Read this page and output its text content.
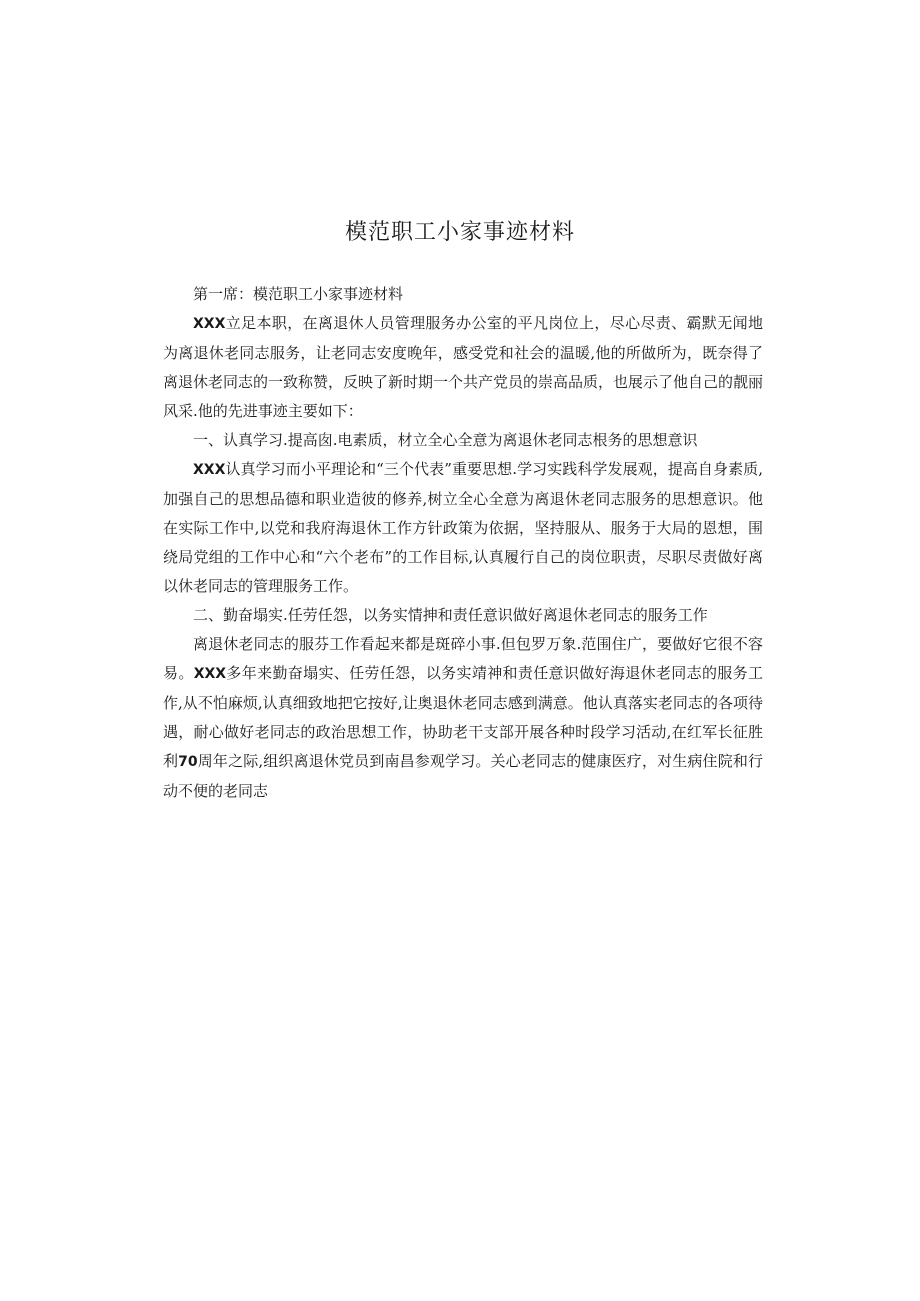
模范职工小家事迹材料

第一席：模范职工小家事迹材料

XXX立足本职，在离退休人员管理服务办公室的平凡岗位上，尽心尽责、霸默无闻地为离退休老同志服务，让老同志安度晚年，感受党和社会的温暖,他的所做所为，既奈得了离退休老同志的一致称赞，反映了新时期一个共产党员的崇高品质，也展示了他自己的靓丽风采.他的先进事迹主要如下：

一、认真学习.提高囱.电素质，材立全心全意为离退休老同志根务的思想意识

XXX认真学习而小平理论和“三个代表”重要思想.学习实践科学发展观，提高自身素质,加强自己的思想品德和职业造彼的修养,树立全心全意为离退休老同志服务的思想意识。他在实际工作中,以党和我府海退休工作方针政策为依据，坚持服从、服务于大局的恩想，围绕局党组的工作中心和“六个老布”的工作目标,认真履行自己的岗位职责，尽职尽责做好离以休老同志的管理服务工作。

二、勤奋塌实.任劳任怨，以务实情抻和责任意识做好离退休老同志的服务工作

离退休老同志的服芬工作看起来都是斑碎小事.但包罗万象.范围住广，要做好它很不容易。XXX多年来勤奋塌实、任劳任怨，以务实靖神和责任意识做好海退休老同志的服务工作,从不怕麻烦,认真细致地把它按好,让奥退休老同志感到满意。他认真落实老同志的各项待遇，耐心做好老同志的政治思想工作，协助老干支部开展各种时段学习活动,在红军长征胜利70周年之际,组织离退休党员到南昌参观学习。关心老同志的健康医疗，对生病住院和行动不便的老同志
